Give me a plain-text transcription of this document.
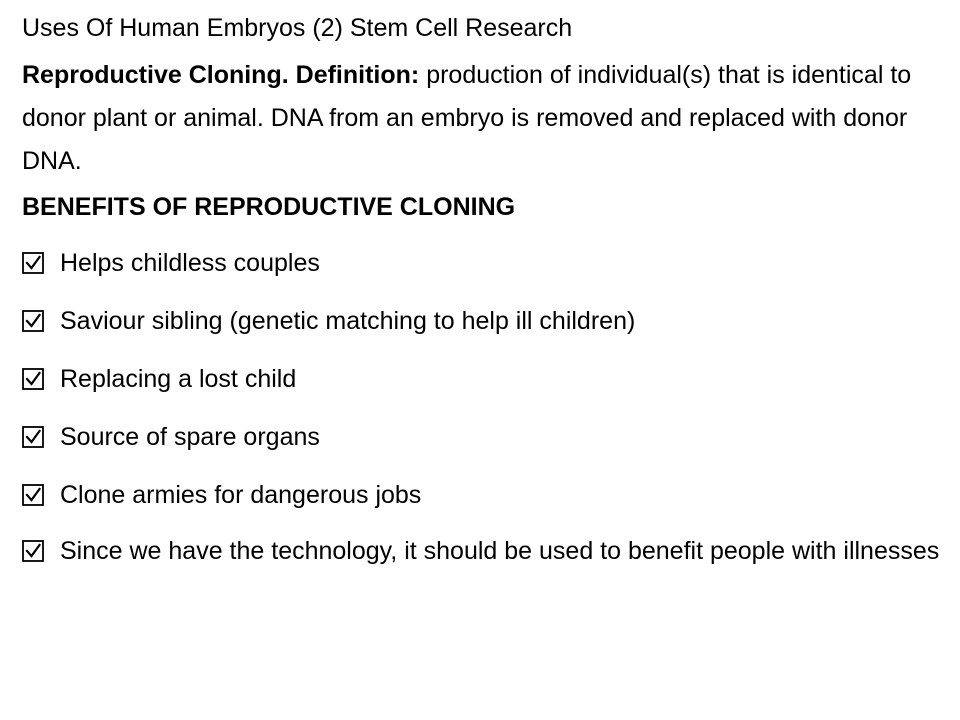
Uses Of Human Embryos (2) Stem Cell Research

Reproductive Cloning. Definition: production of individual(s) that is identical to donor plant or animal. DNA from an embryo is removed and replaced with donor DNA.

BENEFITS OF REPRODUCTIVE CLONING

Helps childless couples
Saviour sibling (genetic matching to help ill children)
Replacing a lost child
Source of spare organs
Clone armies for dangerous jobs
Since we have the technology, it should be used to benefit people with illnesses
